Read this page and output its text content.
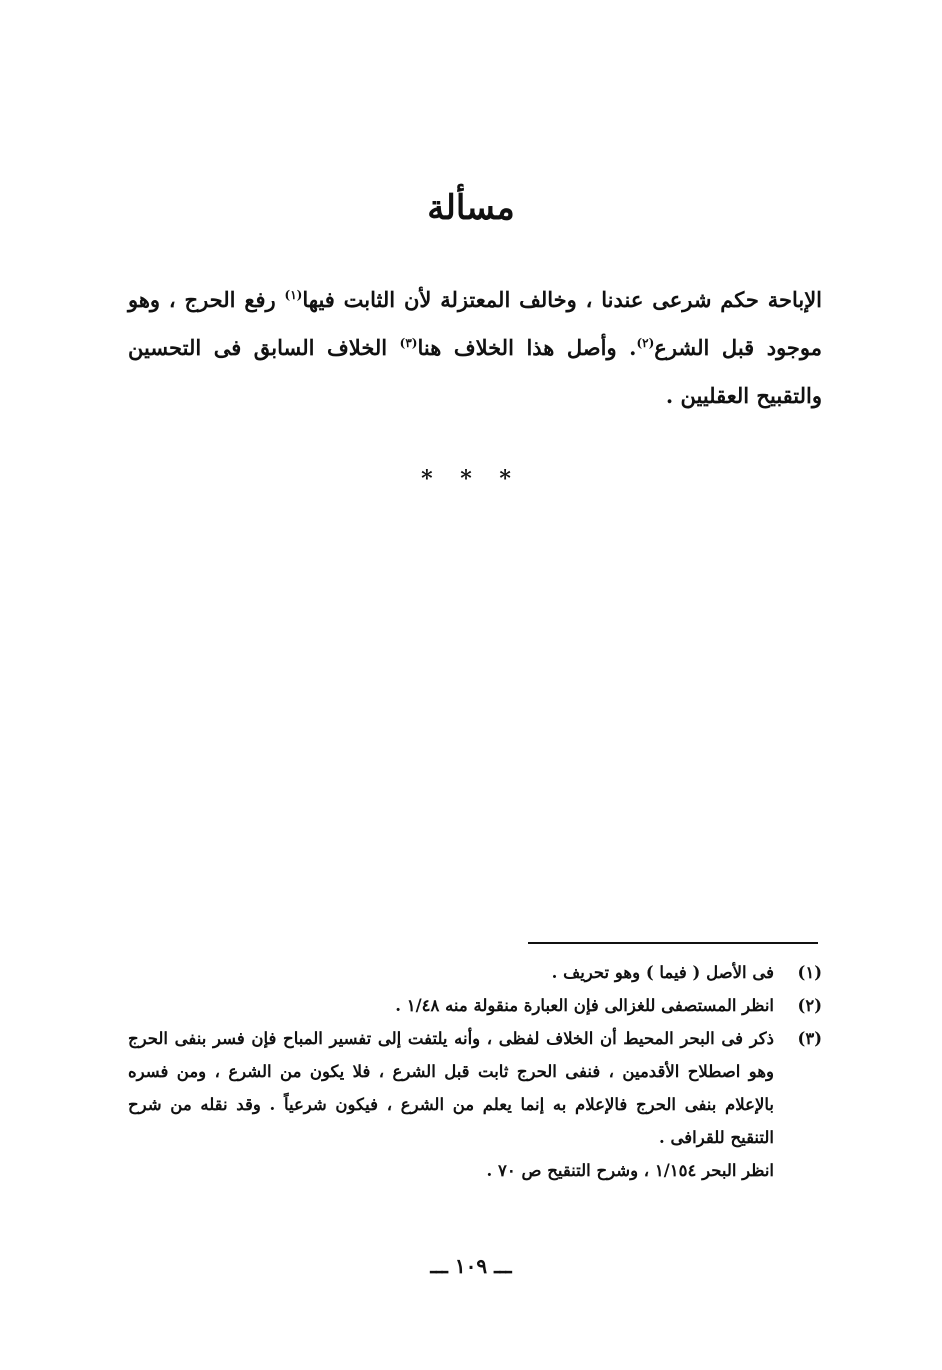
مسألة

الإباحة حكم شرعى عندنا ، وخالف المعتزلة لأن الثابت فيها$^{(١)}$ رفع الحرج ، وهو موجود قبل الشرع$^{(٢)}$. وأصل هذا الخلاف هنا$^{(٣)}$ الخلاف السابق فى التحسين والتقبيح العقليين .

* * *
(١)
فى الأصل ( فيما ) وهو تحريف .
(٢)
انظر المستصفى للغزالى فإن العبارة منقولة منه ١/٤٨ .
(٣)
ذكر فى البحر المحيط أن الخلاف لفظى ، وأنه يلتفت إلى تفسير المباح فإن فسر بنفى الحرج وهو اصطلاح الأقدمين ، فنفى الحرج ثابت قبل الشرع ، فلا يكون من الشرع ، ومن فسره بالإعلام بنفى الحرج فالإعلام به إنما يعلم من الشرع ، فيكون شرعياً . وقد نقله من شرح التنقيح للقرافى .
انظر البحر ١/١٥٤ ، وشرح التنقيح ص ٧٠ .
ـــ ١٠٩ ـــ
